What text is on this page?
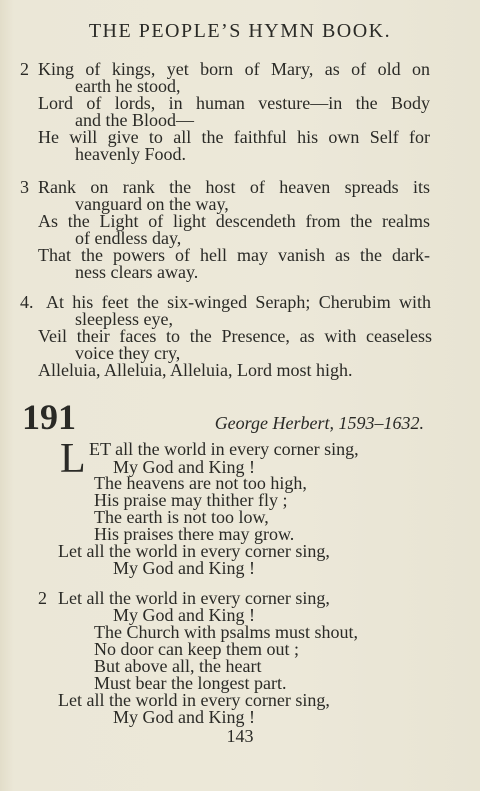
THE PEOPLE’S HYMN BOOK.
2 King of kings, yet born of Mary, as of old on
earth he stood,
Lord of lords, in human vesture—in the Body
and the Blood—
He will give to all the faithful his own Self for
heavenly Food.
3 Rank on rank the host of heaven spreads its
vanguard on the way,
As the Light of light descendeth from the realms
of endless day,
That the powers of hell may vanish as the dark-
ness clears away.
4. At his feet the six-winged Seraph; Cherubim with
sleepless eye,
Veil their faces to the Presence, as with ceaseless
voice they cry,
Alleluia, Alleluia, Alleluia, Lord most high.
191	George Herbert, 1593–1632.
L ET all the world in every corner sing,
My God and King !
The heavens are not too high,
His praise may thither fly ;
The earth is not too low,
His praises there may grow.
Let all the world in every corner sing,
My God and King !
2 Let all the world in every corner sing,
My God and King !
The Church with psalms must shout,
No door can keep them out ;
But above all, the heart
Must bear the longest part.
Let all the world in every corner sing,
My God and King !
143
